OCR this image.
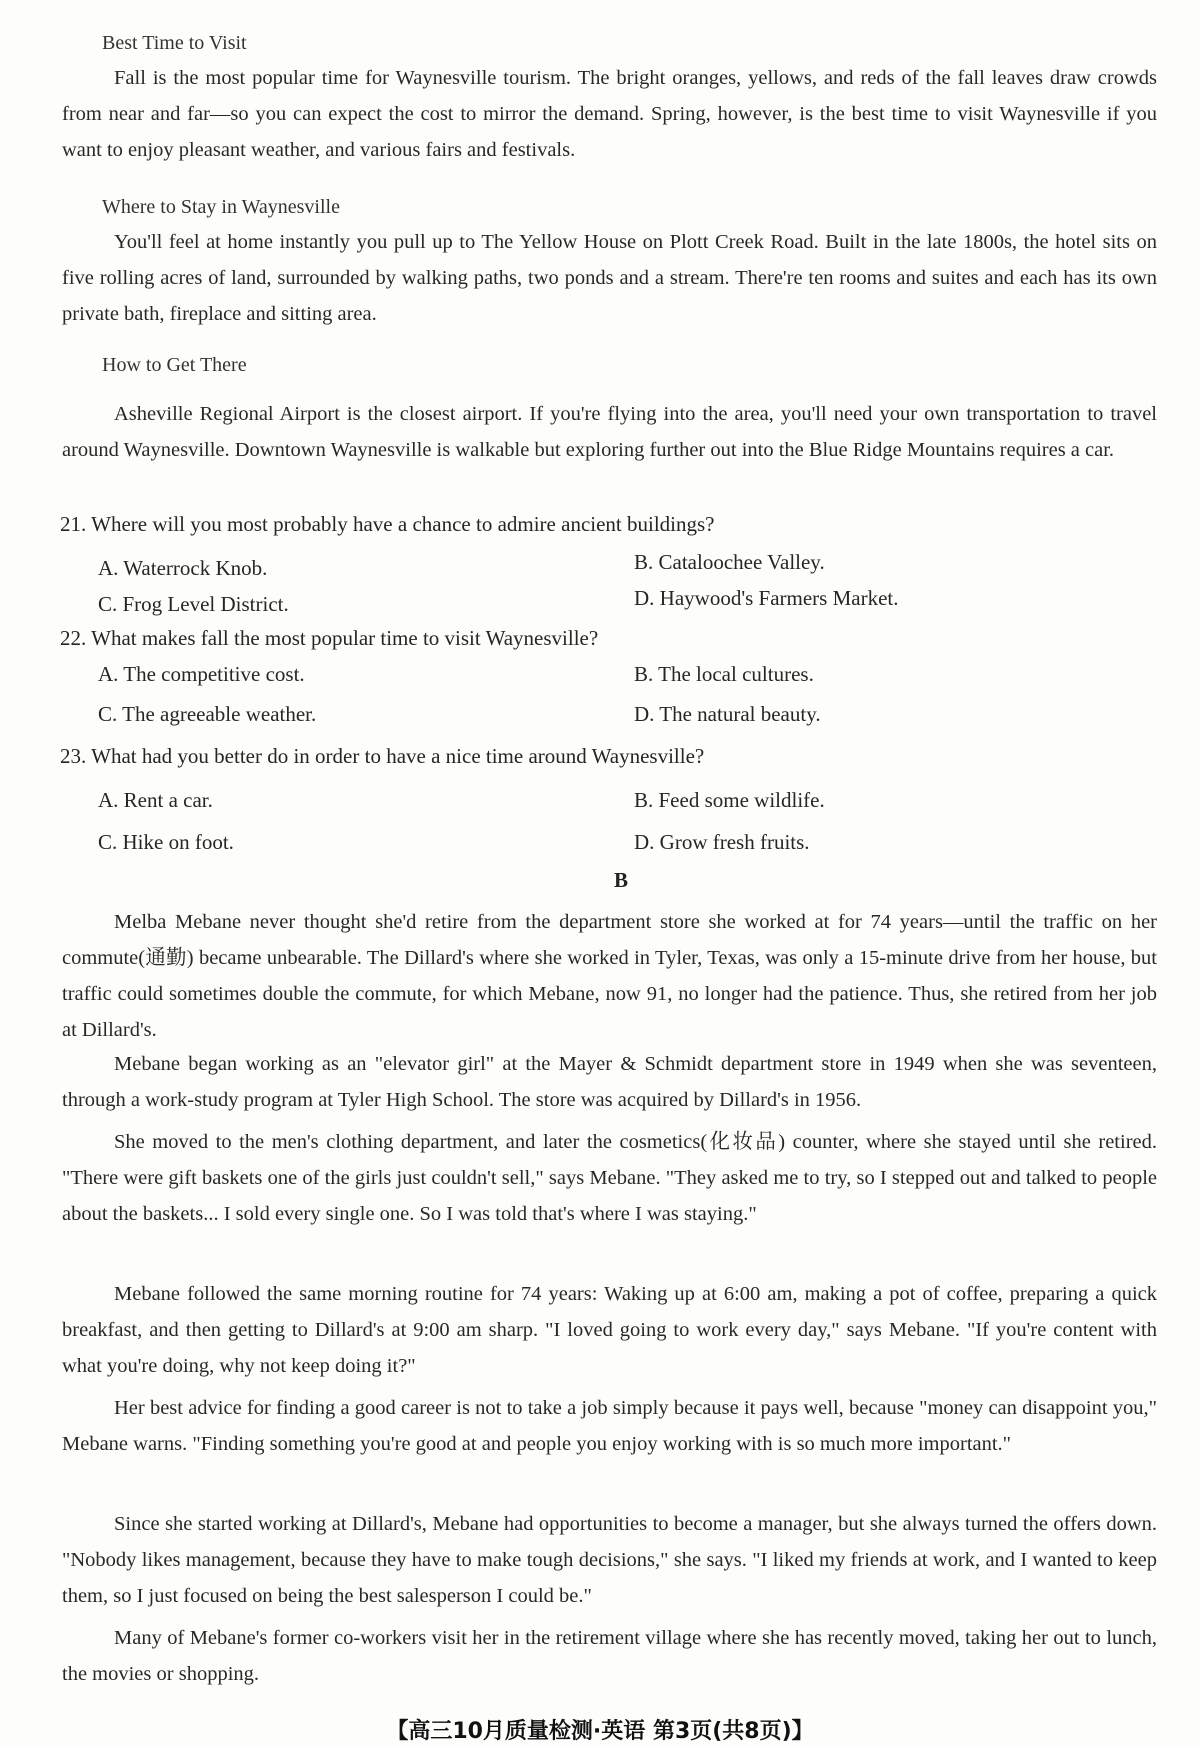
Best Time to Visit
Fall is the most popular time for Waynesville tourism. The bright oranges, yellows, and reds of the fall leaves draw crowds from near and far—so you can expect the cost to mirror the demand. Spring, however, is the best time to visit Waynesville if you want to enjoy pleasant weather, and various fairs and festivals.
Where to Stay in Waynesville
You'll feel at home instantly you pull up to The Yellow House on Plott Creek Road. Built in the late 1800s, the hotel sits on five rolling acres of land, surrounded by walking paths, two ponds and a stream. There're ten rooms and suites and each has its own private bath, fireplace and sitting area.
How to Get There
Asheville Regional Airport is the closest airport. If you're flying into the area, you'll need your own transportation to travel around Waynesville. Downtown Waynesville is walkable but exploring further out into the Blue Ridge Mountains requires a car.
21. Where will you most probably have a chance to admire ancient buildings?
A. Waterrock Knob.	B. Cataloochee Valley.
C. Frog Level District.	D. Haywood's Farmers Market.
22. What makes fall the most popular time to visit Waynesville?
A. The competitive cost.	B. The local cultures.
C. The agreeable weather.	D. The natural beauty.
23. What had you better do in order to have a nice time around Waynesville?
A. Rent a car.	B. Feed some wildlife.
C. Hike on foot.	D. Grow fresh fruits.
B
Melba Mebane never thought she'd retire from the department store she worked at for 74 years—until the traffic on her commute(通勤) became unbearable. The Dillard's where she worked in Tyler, Texas, was only a 15-minute drive from her house, but traffic could sometimes double the commute, for which Mebane, now 91, no longer had the patience. Thus, she retired from her job at Dillard's.
Mebane began working as an "elevator girl" at the Mayer & Schmidt department store in 1949 when she was seventeen, through a work-study program at Tyler High School. The store was acquired by Dillard's in 1956.
She moved to the men's clothing department, and later the cosmetics(化妆品) counter, where she stayed until she retired. "There were gift baskets one of the girls just couldn't sell," says Mebane. "They asked me to try, so I stepped out and talked to people about the baskets... I sold every single one. So I was told that's where I was staying."
Mebane followed the same morning routine for 74 years: Waking up at 6:00 am, making a pot of coffee, preparing a quick breakfast, and then getting to Dillard's at 9:00 am sharp. "I loved going to work every day," says Mebane. "If you're content with what you're doing, why not keep doing it?"
Her best advice for finding a good career is not to take a job simply because it pays well, because "money can disappoint you," Mebane warns. "Finding something you're good at and people you enjoy working with is so much more important."
Since she started working at Dillard's, Mebane had opportunities to become a manager, but she always turned the offers down. "Nobody likes management, because they have to make tough decisions," she says. "I liked my friends at work, and I wanted to keep them, so I just focused on being the best salesperson I could be."
Many of Mebane's former co-workers visit her in the retirement village where she has recently moved, taking her out to lunch, the movies or shopping.
【高三10月质量检测·英语 第3页(共8页)】
